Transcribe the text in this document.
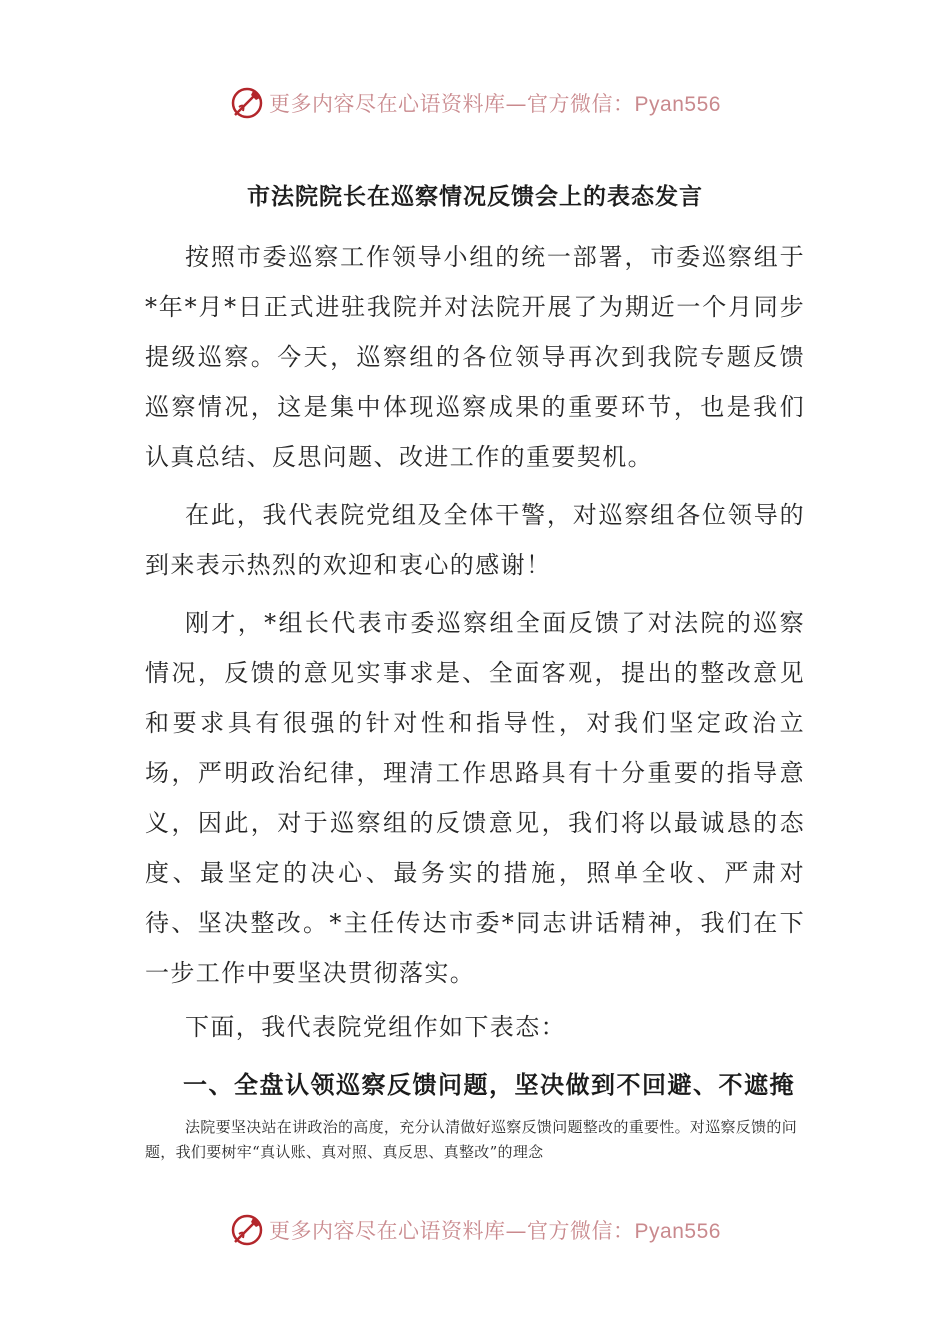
更多内容尽在心语资料库—官方微信：Pyan556
市法院院长在巡察情况反馈会上的表态发言

按照市委巡察工作领导小组的统一部署，市委巡察组于*年*月*日正式进驻我院并对法院开展了为期近一个月同步提级巡察。今天，巡察组的各位领导再次到我院专题反馈巡察情况，这是集中体现巡察成果的重要环节，也是我们认真总结、反思问题、改进工作的重要契机。

在此，我代表院党组及全体干警，对巡察组各位领导的到来表示热烈的欢迎和衷心的感谢！

刚才，*组长代表市委巡察组全面反馈了对法院的巡察情况，反馈的意见实事求是、全面客观，提出的整改意见和要求具有很强的针对性和指导性，对我们坚定政治立场，严明政治纪律，理清工作思路具有十分重要的指导意义，因此，对于巡察组的反馈意见，我们将以最诚恳的态度、最坚定的决心、最务实的措施，照单全收、严肃对待、坚决整改。*主任传达市委*同志讲话精神，我们在下一步工作中要坚决贯彻落实。

下面，我代表院党组作如下表态：

一、全盘认领巡察反馈问题，坚决做到不回避、不遮掩

法院要坚决站在讲政治的高度，充分认清做好巡察反馈问题整改的重要性。对巡察反馈的问题，我们要树牢“真认账、真对照、真反思、真整改”的理念

更多内容尽在心语资料库—官方微信：Pyan556
